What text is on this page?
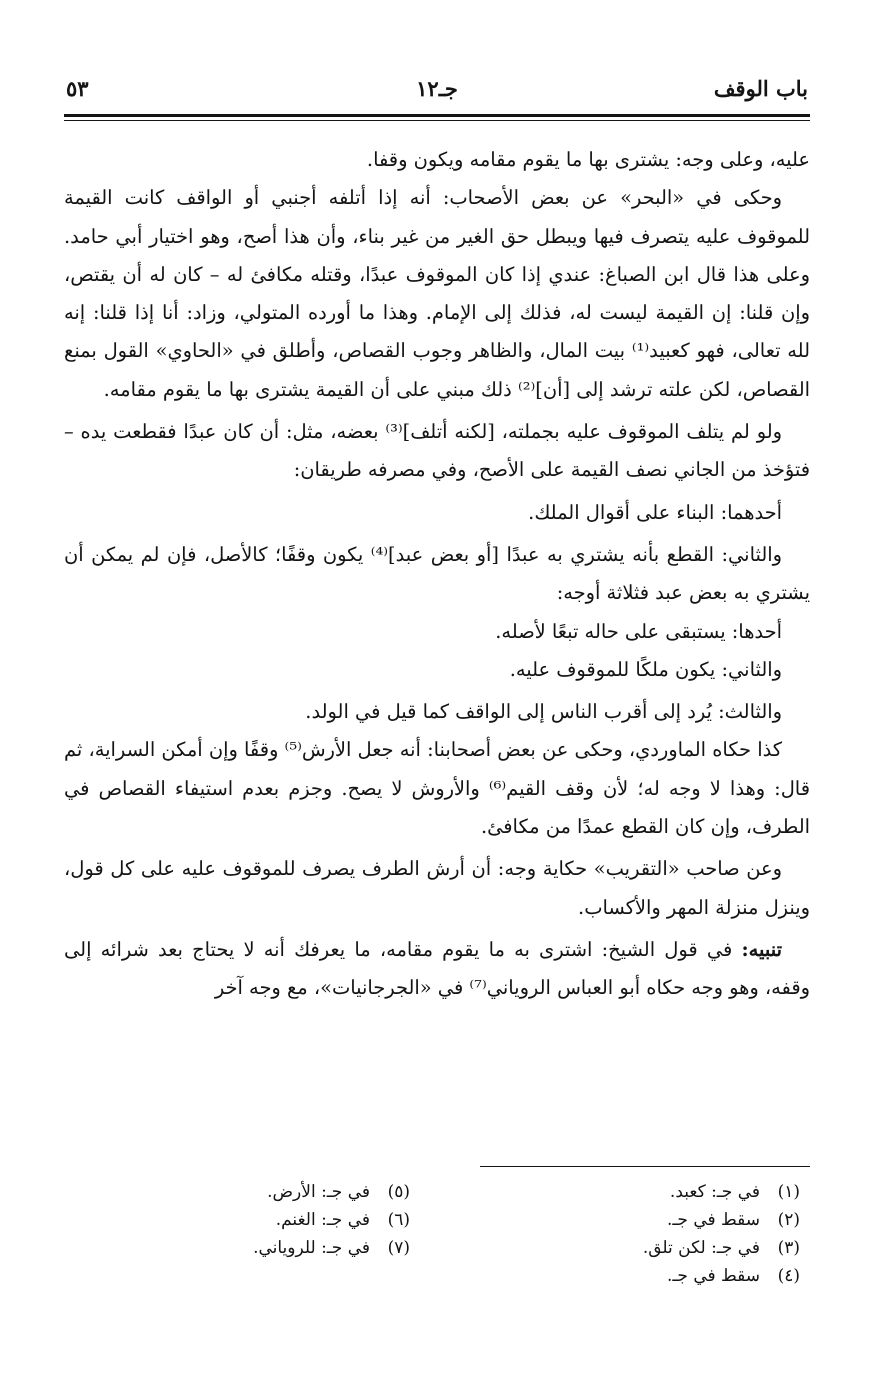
باب الوقف
جـ١٢
٥٣

عليه، وعلى وجه: يشترى بها ما يقوم مقامه ويكون وقفا.

وحكى في «البحر» عن بعض الأصحاب: أنه إذا أتلفه أجنبي أو الواقف كانت القيمة للموقوف عليه يتصرف فيها ويبطل حق الغير من غير بناء، وأن هذا أصح، وهو اختيار أبي حامد. وعلى هذا قال ابن الصباغ: عندي إذا كان الموقوف عبدًا، وقتله مكافئ له – كان له أن يقتص، وإن قلنا: إن القيمة ليست له، فذلك إلى الإمام. وهذا ما أورده المتولي، وزاد: أنا إذا قلنا: إنه لله تعالى، فهو كعبيد⁽¹⁾ بيت المال، والظاهر وجوب القصاص، وأطلق في «الحاوي» القول بمنع القصاص، لكن علته ترشد إلى [أن]⁽²⁾ ذلك مبني على أن القيمة يشترى بها ما يقوم مقامه.

ولو لم يتلف الموقوف عليه بجملته، [لكنه أتلف]⁽³⁾ بعضه، مثل: أن كان عبدًا فقطعت يده – فتؤخذ من الجاني نصف القيمة على الأصح، وفي مصرفه طريقان:

أحدهما: البناء على أقوال الملك.

والثاني: القطع بأنه يشتري به عبدًا [أو بعض عبد]⁽⁴⁾ يكون وقفًا؛ كالأصل، فإن لم يمكن أن يشتري به بعض عبد فثلاثة أوجه:

أحدها: يستبقى على حاله تبعًا لأصله.

والثاني: يكون ملكًا للموقوف عليه.

والثالث: يُرد إلى أقرب الناس إلى الواقف كما قيل في الولد.

كذا حكاه الماوردي، وحكى عن بعض أصحابنا: أنه جعل الأرش⁽⁵⁾ وقفًا وإن أمكن السراية، ثم قال: وهذا لا وجه له؛ لأن وقف القيم⁽⁶⁾ والأروش لا يصح. وجزم بعدم استيفاء القصاص في الطرف، وإن كان القطع عمدًا من مكافئ.

وعن صاحب «التقريب» حكاية وجه: أن أرش الطرف يصرف للموقوف عليه على كل قول، وينزل منزلة المهر والأكساب.

تنبيه: في قول الشيخ: اشترى به ما يقوم مقامه، ما يعرفك أنه لا يحتاج بعد شرائه إلى وقفه، وهو وجه حكاه أبو العباس الروياني⁽⁷⁾ في «الجرجانيات»، مع وجه آخر

(١)في جـ: كعبد.
(٢)سقط في جـ.
(٣)في جـ: لكن تلق.
(٤)سقط في جـ.
(٥)في جـ: الأرض.
(٦)في جـ: الغنم.
(٧)في جـ: للروياني.
